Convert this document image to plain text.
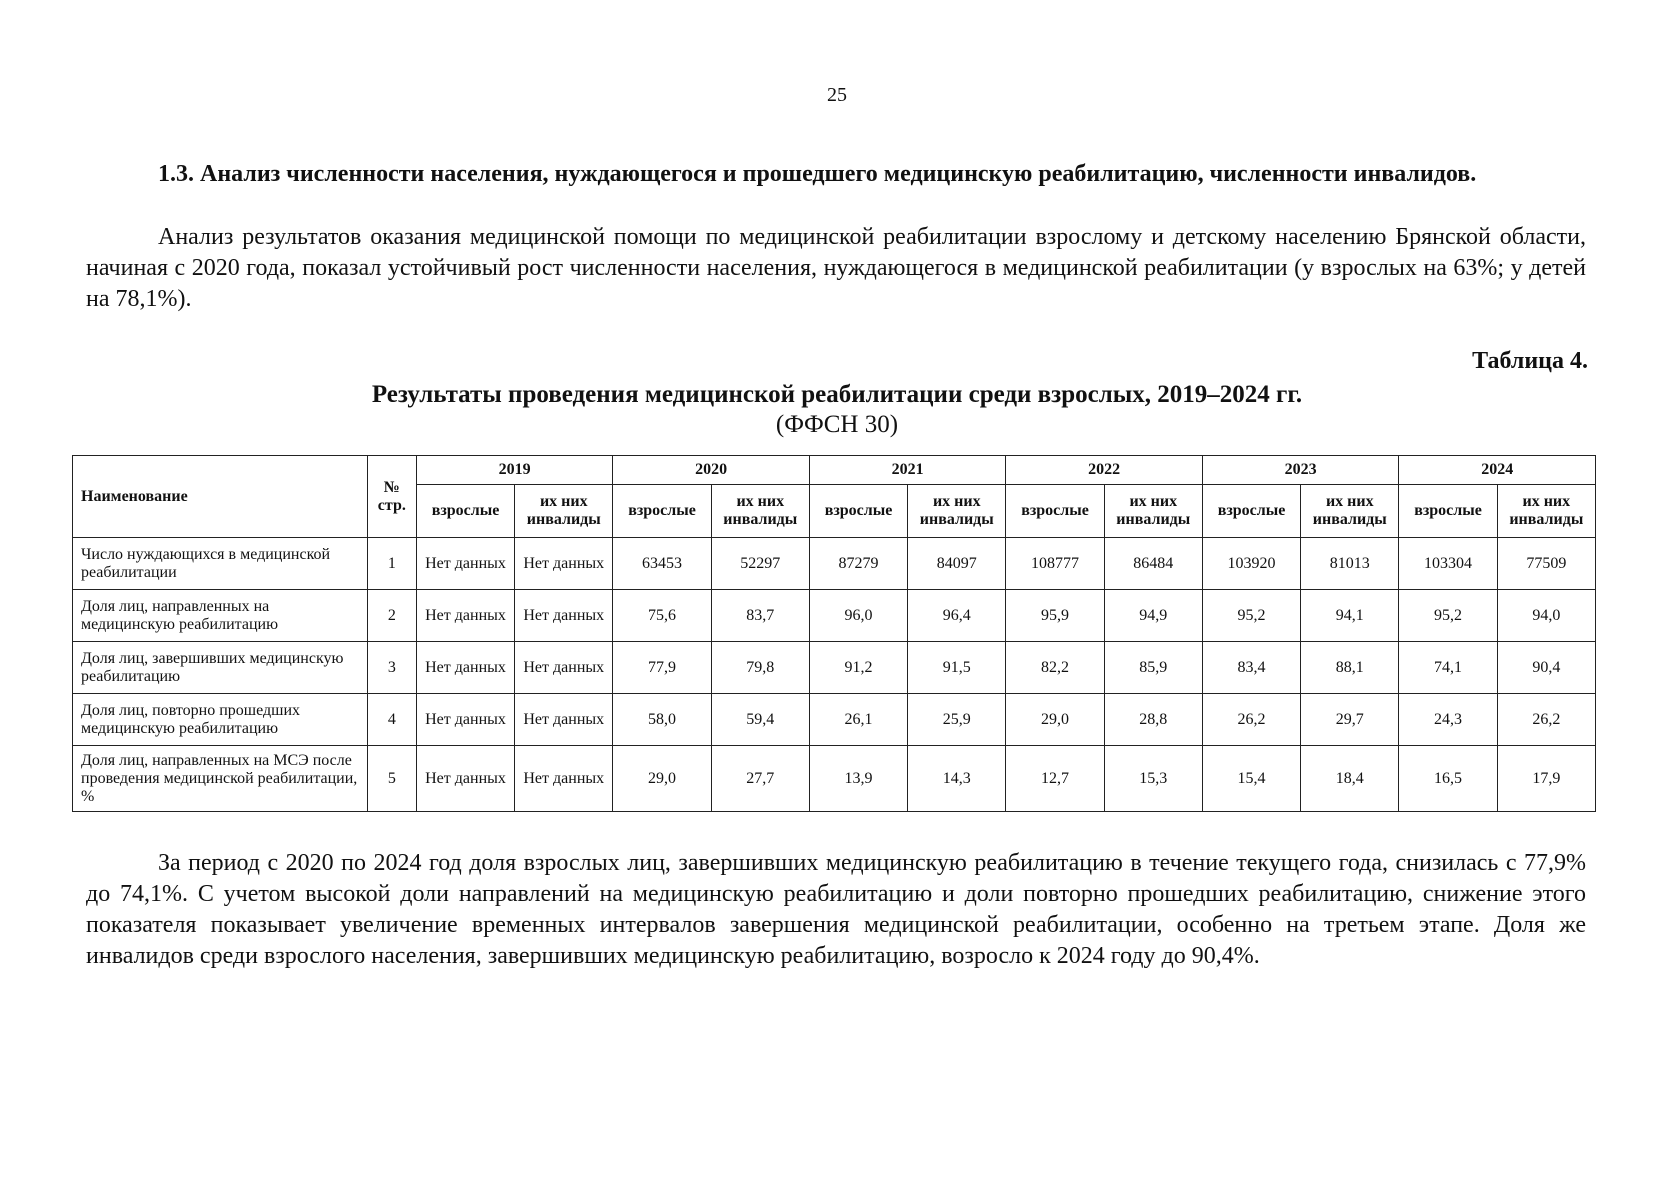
25
1.3. Анализ численности населения, нуждающегося и прошедшего медицинскую реабилитацию, численности инвалидов.
Анализ результатов оказания медицинской помощи по медицинской реабилитации взрослому и детскому населению Брянской области, начиная с 2020 года, показал устойчивый рост численности населения, нуждающегося в медицинской реабилитации (у взрослых на 63%; у детей на 78,1%).
Таблица 4.
Результаты проведения медицинской реабилитации среди взрослых, 2019–2024 гг.
(ФФСН 30)
Наименование	№ стр.	2019		2020		2021		2022		2023		2024	
		взрослые	их них инвалиды	взрослые	их них инвалиды	взрослые	их них инвалиды	взрослые	их них инвалиды	взрослые	их них инвалиды	взрослые	их них инвалиды
Число нуждающихся в медицинской реабилитации	1	Нет данных	Нет данных	63453	52297	87279	84097	108777	86484	103920	81013	103304	77509
Доля лиц, направленных на медицинскую реабилитацию	2	Нет данных	Нет данных	75,6	83,7	96,0	96,4	95,9	94,9	95,2	94,1	95,2	94,0
Доля лиц, завершивших медицинскую реабилитацию	3	Нет данных	Нет данных	77,9	79,8	91,2	91,5	82,2	85,9	83,4	88,1	74,1	90,4
Доля лиц, повторно прошедших медицинскую реабилитацию	4	Нет данных	Нет данных	58,0	59,4	26,1	25,9	29,0	28,8	26,2	29,7	24,3	26,2
Доля лиц, направленных на МСЭ после проведения медицинской реабилитации, %	5	Нет данных	Нет данных	29,0	27,7	13,9	14,3	12,7	15,3	15,4	18,4	16,5	17,9
За период с 2020 по 2024 год доля взрослых лиц, завершивших медицинскую реабилитацию в течение текущего года, снизилась с 77,9% до 74,1%. С учетом высокой доли направлений на медицинскую реабилитацию и доли повторно прошедших реабилитацию, снижение этого показателя показывает увеличение временных интервалов завершения медицинской реабилитации, особенно на третьем этапе. Доля же инвалидов среди взрослого населения, завершивших медицинскую реабилитацию, возросло к 2024 году до 90,4%.
